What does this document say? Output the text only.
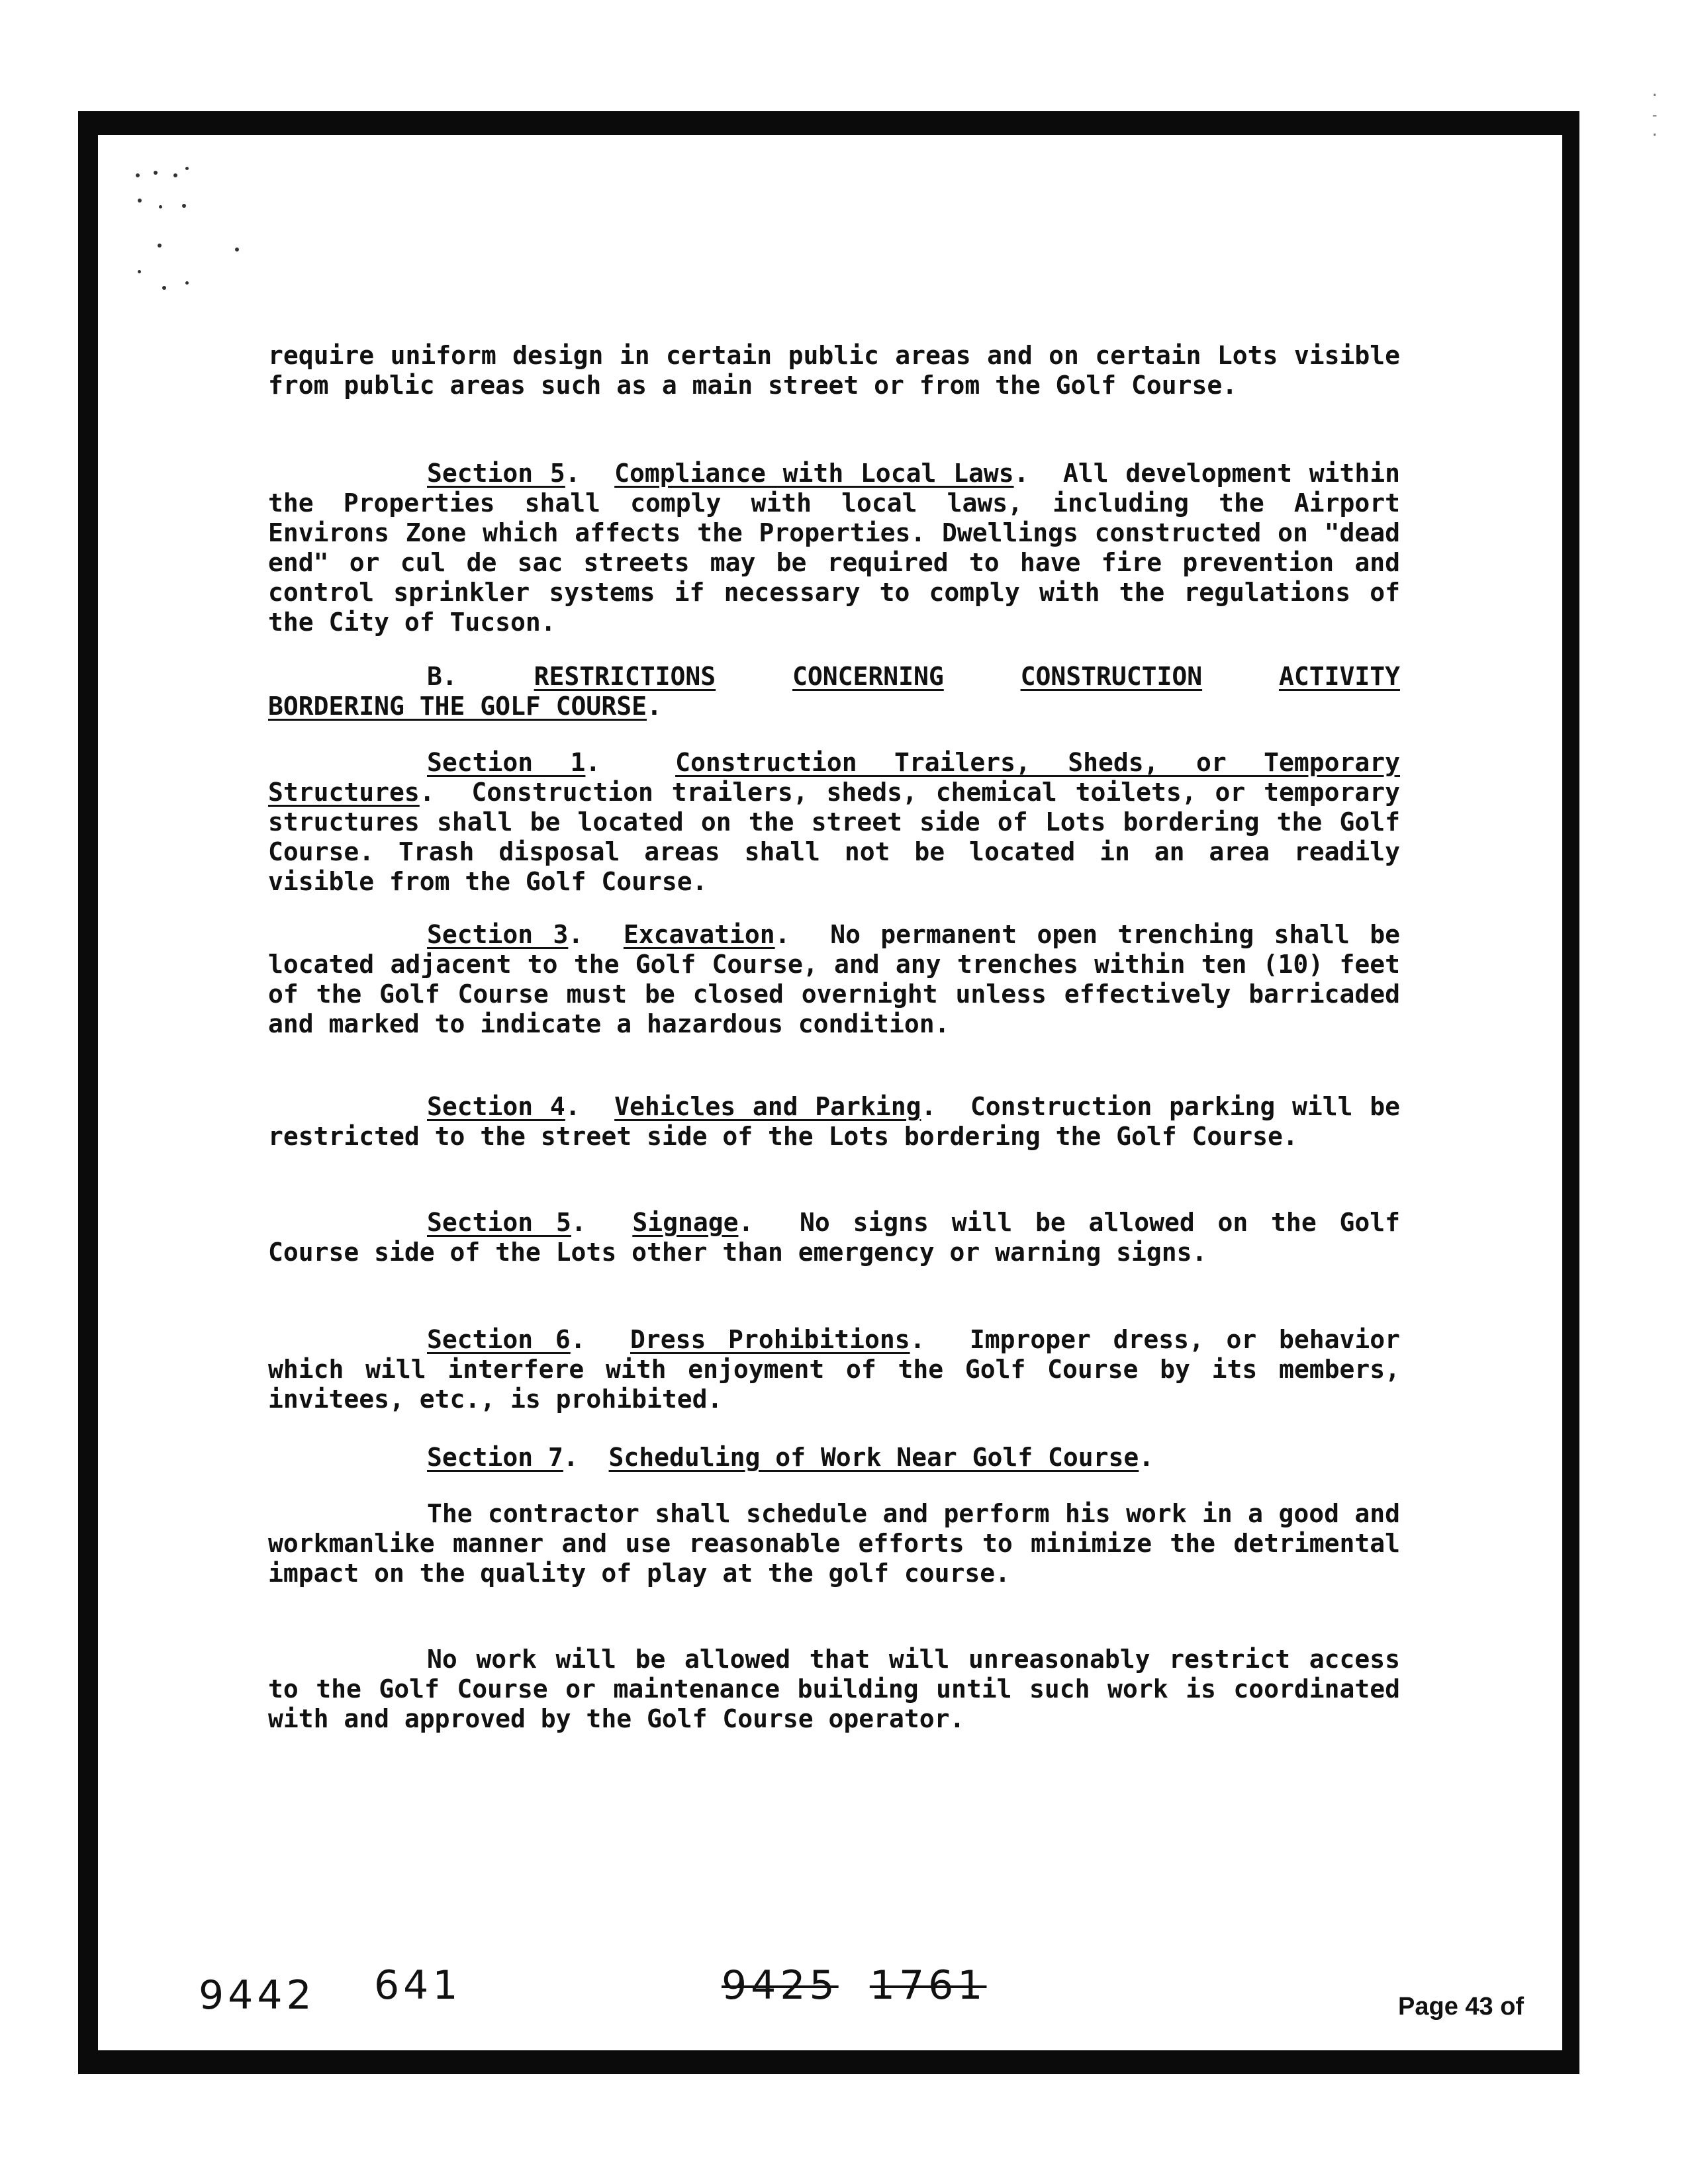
·
-
·
require uniform design in certain public areas and on certain Lots visible from public areas such as a main street or from the Golf Course.
Section 5.  Compliance with Local Laws.  All development within the Properties shall comply with local laws, including the Airport Environs Zone which affects the Properties. Dwellings constructed on "dead end" or cul de sac streets may be required to have fire prevention and control sprinkler systems if necessary to comply with the regulations of the City of Tucson.
B.	RESTRICTIONS	CONCERNING	CONSTRUCTION	ACTIVITY
BORDERING THE GOLF COURSE.
Section 1.  Construction Trailers, Sheds, or Temporary Structures.  Construction trailers, sheds, chemical toilets, or temporary structures shall be located on the street side of Lots bordering the Golf Course. Trash disposal areas shall not be located in an area readily visible from the Golf Course.
Section 3.  Excavation.  No permanent open trenching shall be located adjacent to the Golf Course, and any trenches within ten (10) feet of the Golf Course must be closed overnight unless effectively barricaded and marked to indicate a hazardous condition.
Section 4.  Vehicles and Parking.  Construction parking will be restricted to the street side of the Lots bordering the Golf Course.
Section 5.  Signage.  No signs will be allowed on the Golf Course side of the Lots other than emergency or warning signs.
Section 6.  Dress Prohibitions.  Improper dress, or behavior which will interfere with enjoyment of the Golf Course by its members, invitees, etc., is prohibited.
Section 7.  Scheduling of Work Near Golf Course.
The contractor shall schedule and perform his work in a good and workmanlike manner and use reasonable efforts to minimize the detrimental impact on the quality of play at the golf course.
No work will be allowed that will unreasonably restrict access to the Golf Course or maintenance building until such work is coordinated with and approved by the Golf Course operator.
9442 641	9425 1761	Page 43 of
